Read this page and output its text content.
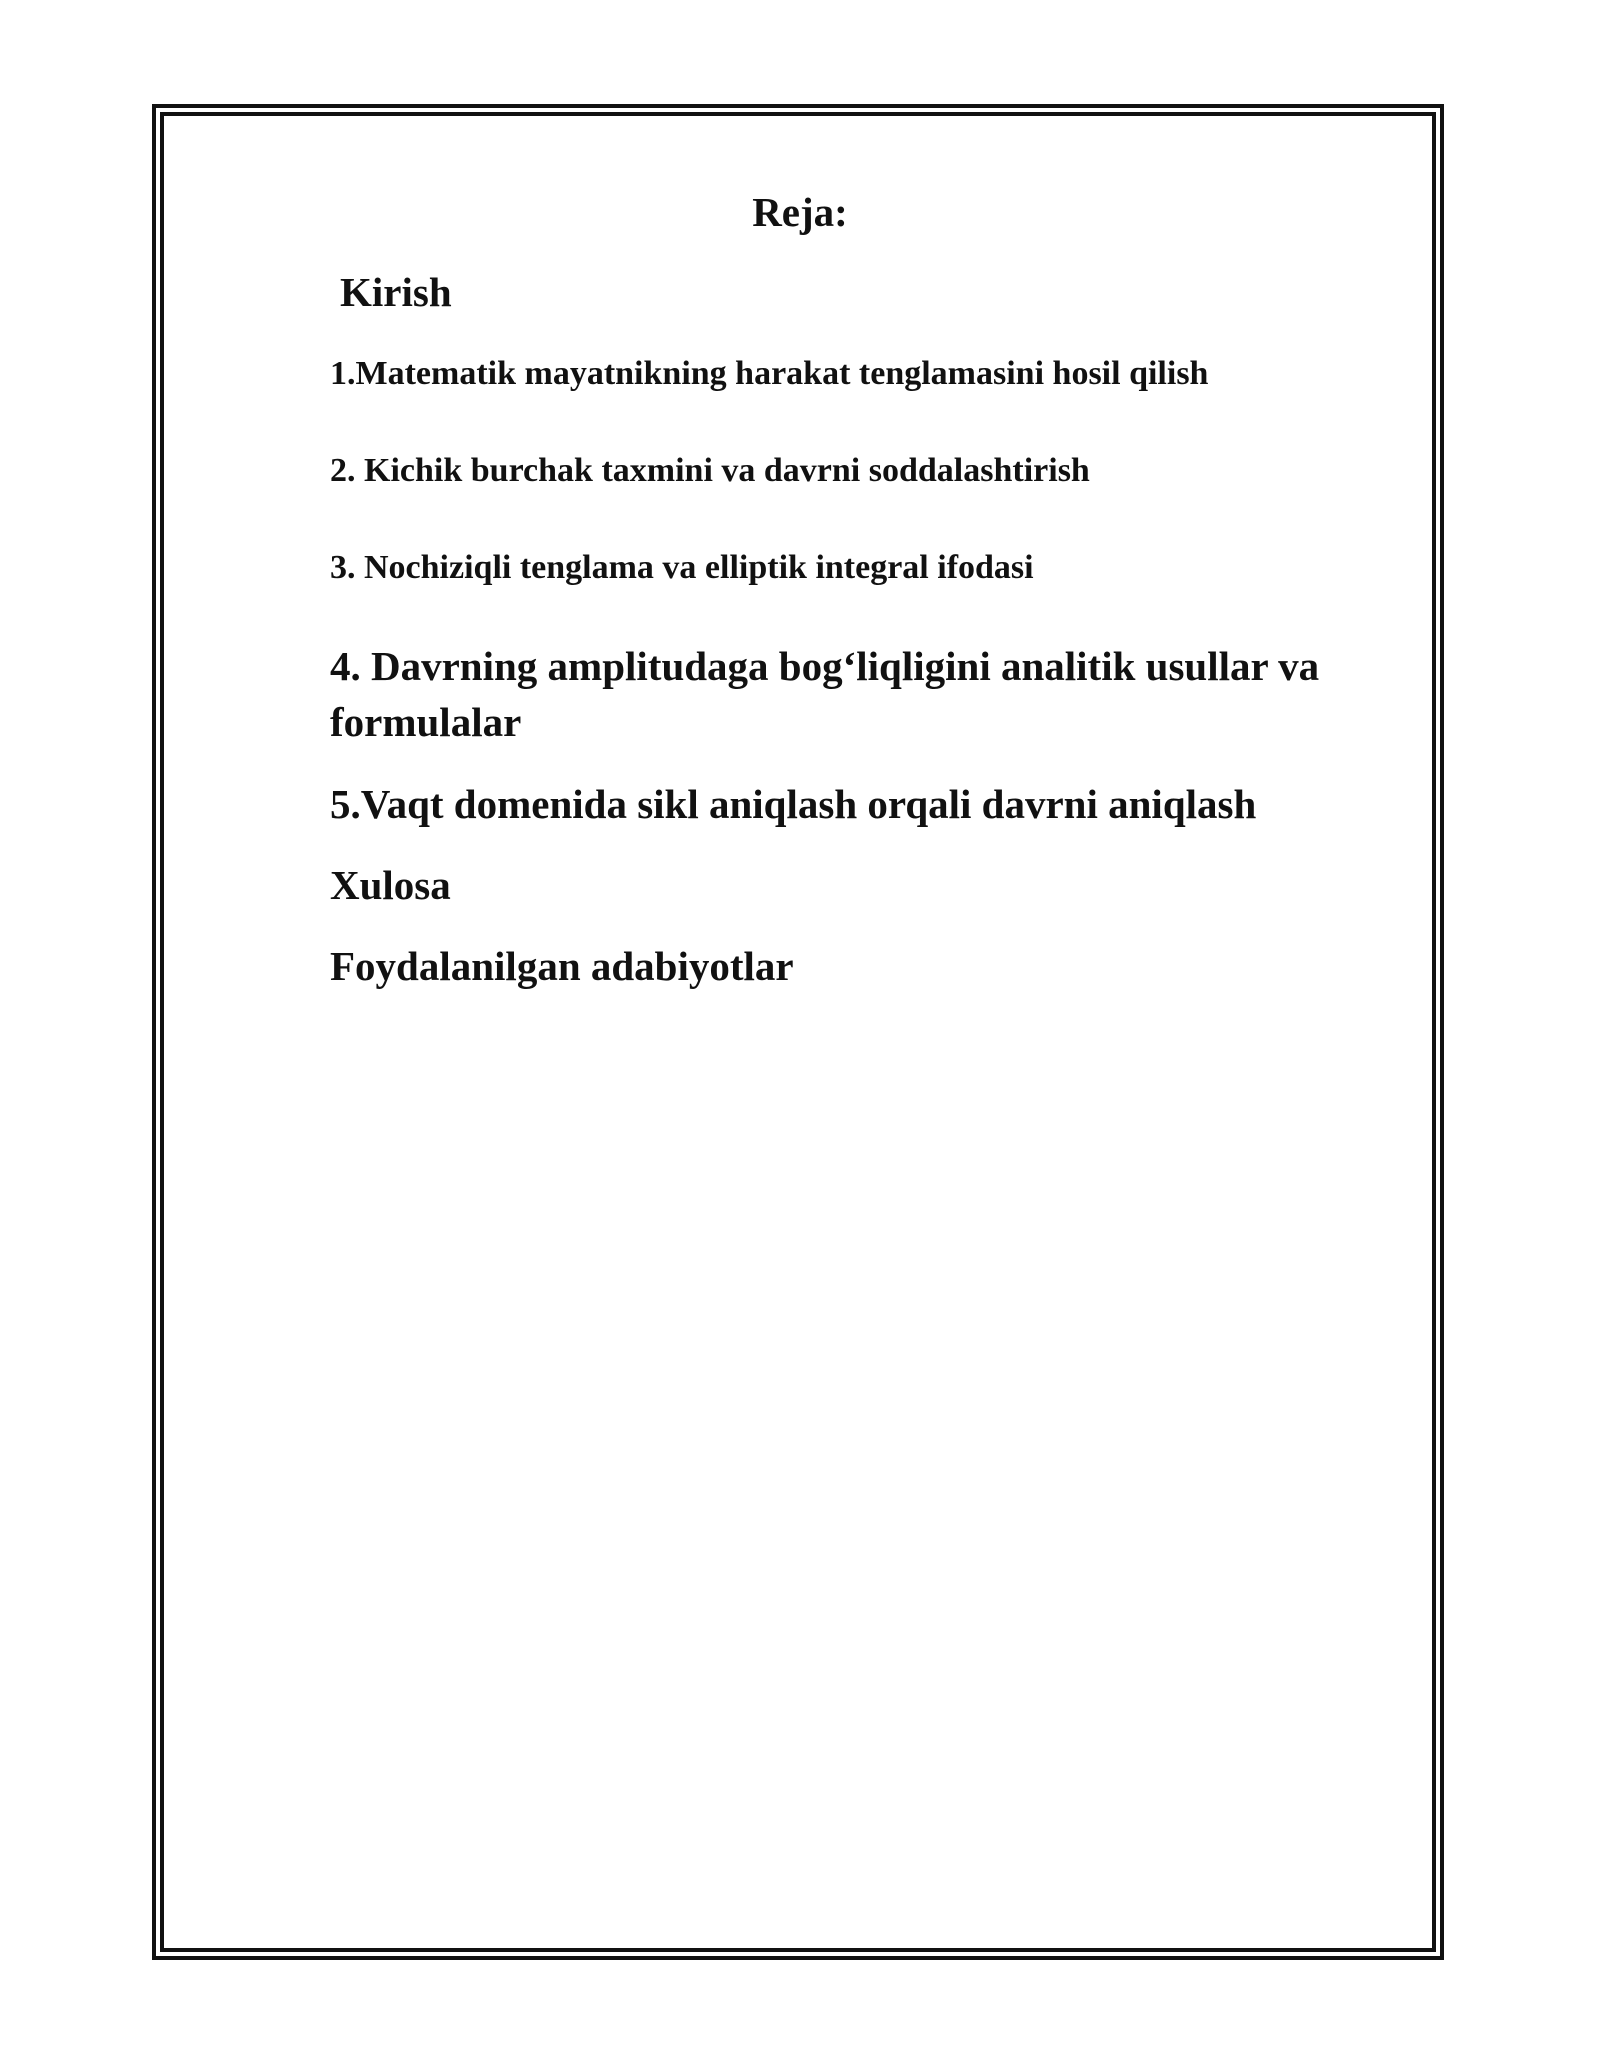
Reja:

Kirish

1.Matematik mayatnikning harakat tenglamasini hosil qilish

2. Kichik burchak taxmini va davrni soddalashtirish

3. Nochiziqli tenglama va elliptik integral ifodasi

4. Davrning amplitudaga bog‘liqligini analitik usullar va formulalar

5.Vaqt domenida sikl aniqlash orqali davrni aniqlash

Xulosa

Foydalanilgan adabiyotlar
